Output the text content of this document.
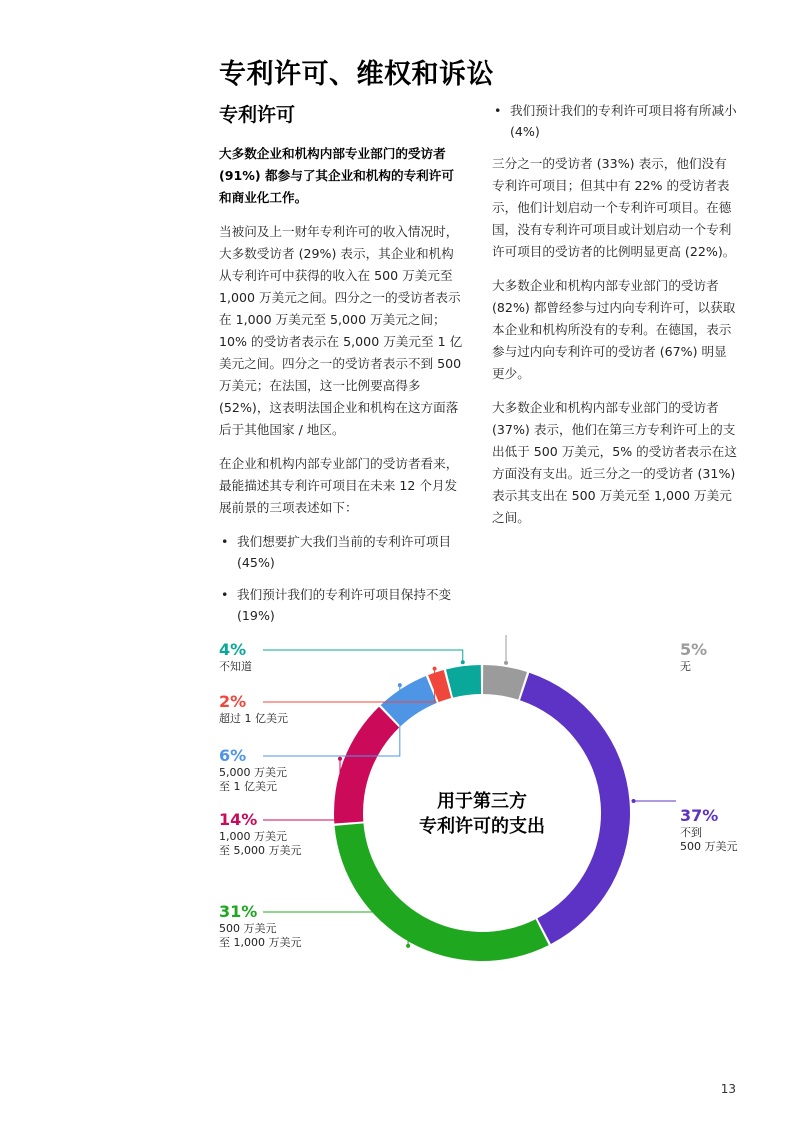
专利许可、维权和诉讼
专利许可
大多数企业和机构内部专业部门的受访者 (91%) 都参与了其企业和机构的专利许可和商业化工作。
当被问及上一财年专利许可的收入情况时，大多数受访者 (29%) 表示，其企业和机构从专利许可中获得的收入在 500 万美元至 1,000 万美元之间。四分之一的受访者表示在 1,000 万美元至 5,000 万美元之间； 10% 的受访者表示在 5,000 万美元至 1 亿美元之间。四分之一的受访者表示不到 500 万美元；在法国，这一比例要高得多 (52%)，这表明法国企业和机构在这方面落后于其他国家 / 地区。
在企业和机构内部专业部门的受访者看来，最能描述其专利许可项目在未来 12 个月发展前景的三项表述如下：
• 我们想要扩大我们当前的专利许可项目 (45%)
• 我们预计我们的专利许可项目保持不变 (19%)
• 我们预计我们的专利许可项目将有所减小 (4%)
三分之一的受访者 (33%) 表示，他们没有专利许可项目；但其中有 22% 的受访者表示，他们计划启动一个专利许可项目。在德国，没有专利许可项目或计划启动一个专利许可项目的受访者的比例明显更高 (22%)。
大多数企业和机构内部专业部门的受访者 (82%) 都曾经参与过内向专利许可，以获取本企业和机构所没有的专利。在德国，表示参与过内向专利许可的受访者 (67%) 明显更少。
大多数企业和机构内部专业部门的受访者 (37%) 表示，他们在第三方专利许可上的支出低于 500 万美元，5% 的受访者表示在这方面没有支出。近三分之一的受访者 (31%) 表示其支出在 500 万美元至 1,000 万美元之间。
用于第三方
专利许可的支出
5%
无
37%
不到
500 万美元
31%
500 万美元
至 1,000 万美元
14%
1,000 万美元
至 5,000 万美元
6%
5,000 万美元
至 1 亿美元
2%
超过 1 亿美元
4%
不知道
13
